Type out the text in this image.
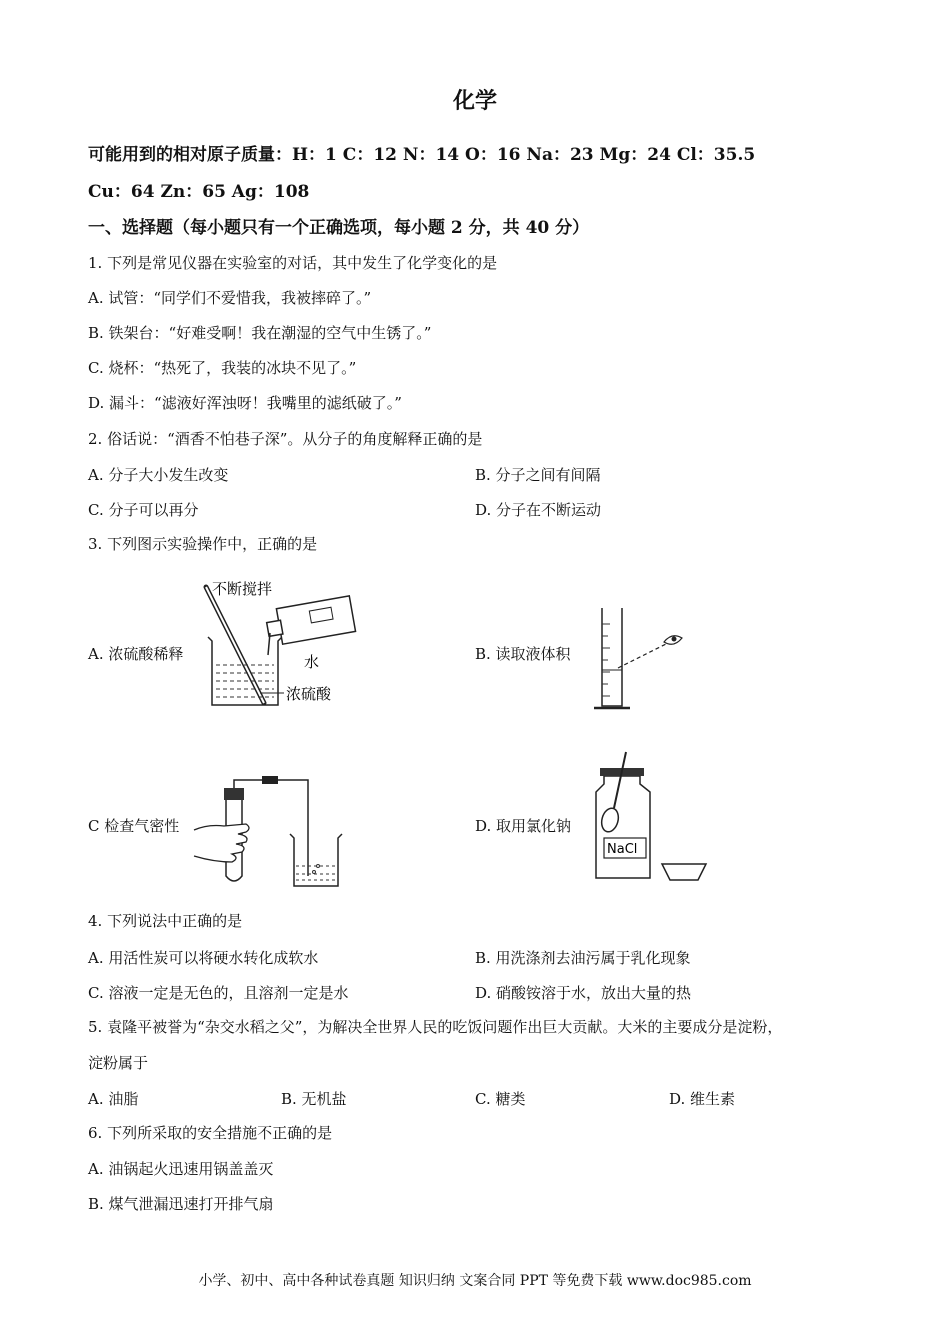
化学
可能用到的相对原子质量：H：1 C：12 N：14 O：16 Na：23 Mg：24 Cl：35.5
Cu：64 Zn：65 Ag：108
一、选择题（每小题只有一个正确选项，每小题 2 分，共 40 分）
1. 下列是常见仪器在实验室的对话，其中发生了化学变化的是
A. 试管：“同学们不爱惜我，我被摔碎了。”
B. 铁架台：“好难受啊！我在潮湿的空气中生锈了。”
C. 烧杯：“热死了，我装的冰块不见了。”
D. 漏斗：“滤液好浑浊呀！我嘴里的滤纸破了。”
2. 俗话说：“酒香不怕巷子深”。从分子的角度解释正确的是
A. 分子大小发生改变	B. 分子之间有间隔
C. 分子可以再分	D. 分子在不断运动
3. 下列图示实验操作中，正确的是
A. 浓硫酸稀释
不断搅拌
水
浓硫酸
B. 读取液体积
C 检查气密性	D. 取用氯化钠
NaCl
4. 下列说法中正确的是
A. 用活性炭可以将硬水转化成软水	B. 用洗涤剂去油污属于乳化现象
C. 溶液一定是无色的，且溶剂一定是水	D. 硝酸铵溶于水，放出大量的热
5. 袁隆平被誉为“杂交水稻之父”，为解决全世界人民的吃饭问题作出巨大贡献。大米的主要成分是淀粉，
淀粉属于
A. 油脂	B. 无机盐	C. 糖类	D. 维生素
6. 下列所采取的安全措施不正确的是
A. 油锅起火迅速用锅盖盖灭
B. 煤气泄漏迅速打开排气扇
小学、初中、高中各种试卷真题 知识归纳 文案合同 PPT 等免费下载 www.doc985.com
